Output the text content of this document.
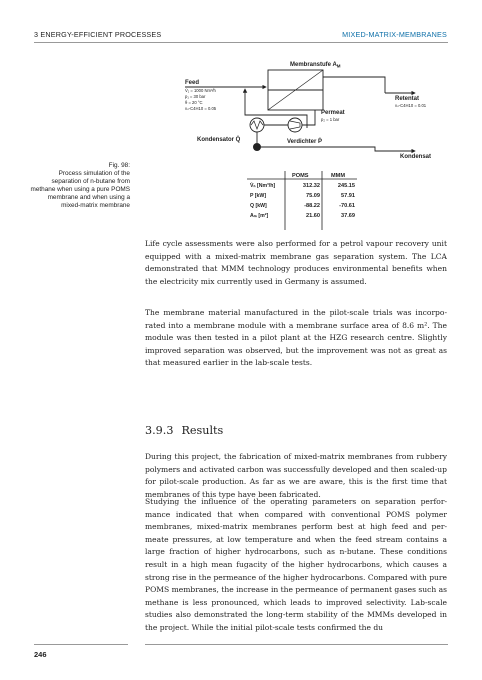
3 ENERGY-EFFICIENT PROCESSES	MIXED-MATRIX-MEMBRANES
Membranstufe $A_M$
Feed
V̇₁ = 1000 Nm³/h
p₁ = 30 bar
ϑ = 20 °C
νₙ-C4H10 = 0.05
Retentat
νₙ-C4H10 = 0.01
Permeat
p₂ = 1 bar
Kondensator Q̇	Verdichter Ṗ
Kondensat
POMS	MMM
V̇ₙ [Nm³/h]	312.32	245.15
P [kW]	75.09	57.91
Q [kW]	-88.22	-70.61
Aₘ [m²]	21.60	37.69
Fig. 98:
Process simulation of the separation of n-butane from methane when using a pure POMS membrane and when using a mixed-matrix membrane

Life cycle assessments were also performed for a petrol vapour recovery unit equipped with a mixed-matrix membrane gas separation system. The LCA demonstrated that MMM technology produces environmental benefits when the electricity mix currently used in Germany is assumed.

The membrane material manufactured in the pilot-scale trials was incorporated into a membrane module with a membrane surface area of 8.6 m². The module was then tested in a pilot plant at the HZG research centre. Slightly improved separation was observed, but the improvement was not as great as that measured earlier in the lab-scale tests.

3.9.3 Results

During this project, the fabrication of mixed-matrix membranes from rubbery polymers and activated carbon was successfully developed and then scaled-up for pilot-scale production. As far as we are aware, this is the first time that membranes of this type have been fabricated.

Studying the influence of the operating parameters on separation performance indicated that when compared with conventional POMS polymer membranes, mixed-matrix membranes perform best at high feed and permeate pressures, at low temperature and when the feed stream contains a large fraction of higher hydrocarbons, such as n-butane. These conditions result in a high mean fugacity of the higher hydrocarbons, which causes a strong rise in the permeance of the higher hydrocarbons. Compared with pure POMS membranes, the increase in the permeance of permanent gases such as methane is less pronounced, which leads to improved selectivity. Lab-scale studies also demonstrated the long-term stability of the MMMs developed in the project. While the initial pilot-scale tests confirmed the du

246
